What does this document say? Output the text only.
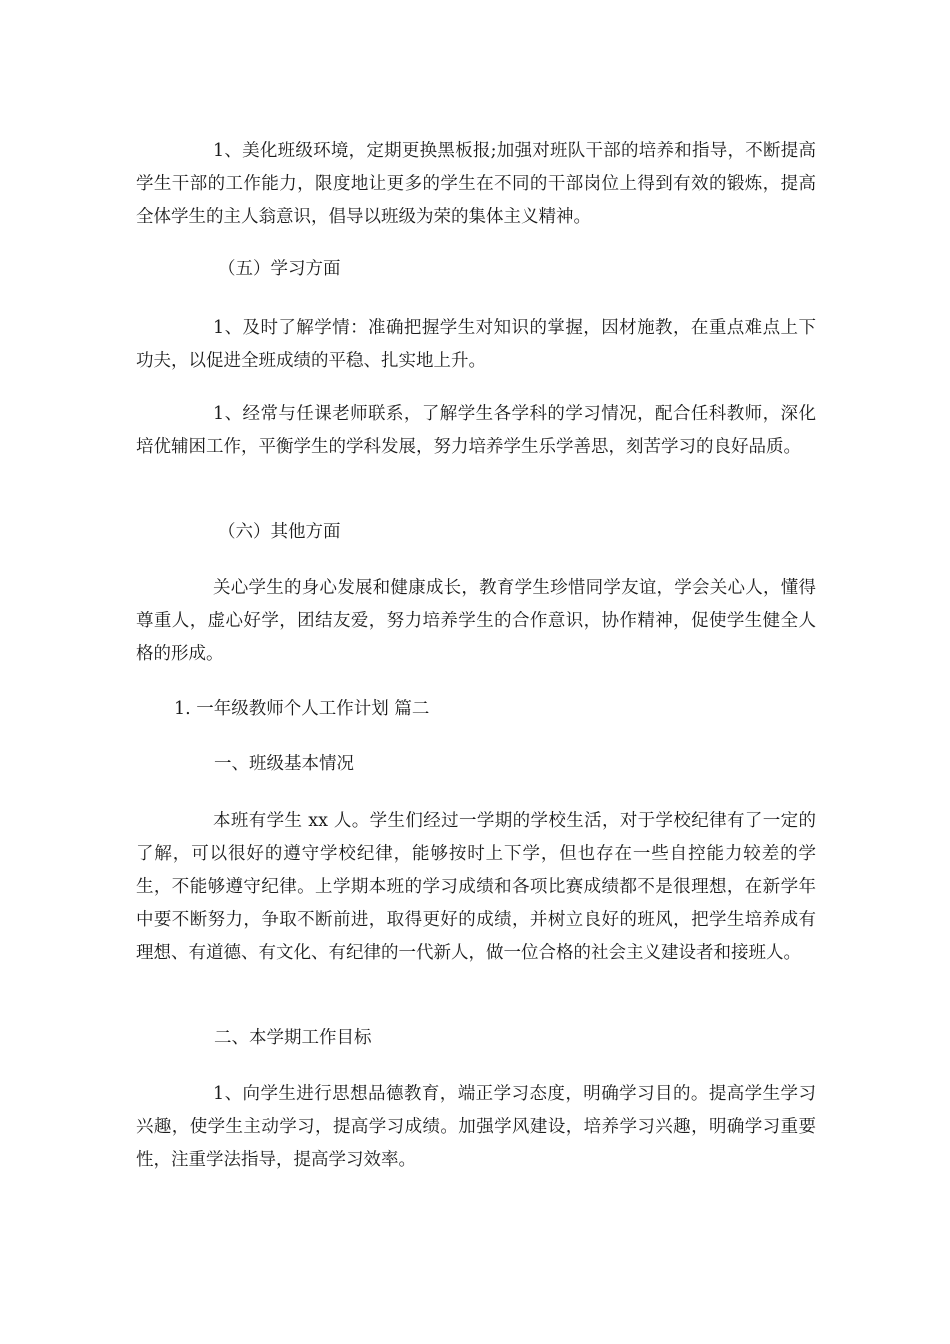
1、美化班级环境，定期更换黑板报;加强对班队干部的培养和指导，不断提高学生干部的工作能力，限度地让更多的学生在不同的干部岗位上得到有效的锻炼，提高全体学生的主人翁意识，倡导以班级为荣的集体主义精神。

（五）学习方面

1、及时了解学情：准确把握学生对知识的掌握，因材施教，在重点难点上下功夫，以促进全班成绩的平稳、扎实地上升。

1、经常与任课老师联系，了解学生各学科的学习情况，配合任科教师，深化培优辅困工作，平衡学生的学科发展，努力培养学生乐学善思，刻苦学习的良好品质。

（六）其他方面

关心学生的身心发展和健康成长，教育学生珍惜同学友谊，学会关心人，懂得尊重人，虚心好学，团结友爱，努力培养学生的合作意识，协作精神，促使学生健全人格的形成。

1. 一年级教师个人工作计划 篇二

一、班级基本情况

本班有学生 xx 人。学生们经过一学期的学校生活，对于学校纪律有了一定的了解，可以很好的遵守学校纪律，能够按时上下学，但也存在一些自控能力较差的学生，不能够遵守纪律。上学期本班的学习成绩和各项比赛成绩都不是很理想，在新学年中要不断努力，争取不断前进，取得更好的成绩，并树立良好的班风，把学生培养成有理想、有道德、有文化、有纪律的一代新人，做一位合格的社会主义建设者和接班人。

二、本学期工作目标

1、向学生进行思想品德教育，端正学习态度，明确学习目的。提高学生学习兴趣，使学生主动学习，提高学习成绩。加强学风建设，培养学习兴趣，明确学习重要性，注重学法指导，提高学习效率。
